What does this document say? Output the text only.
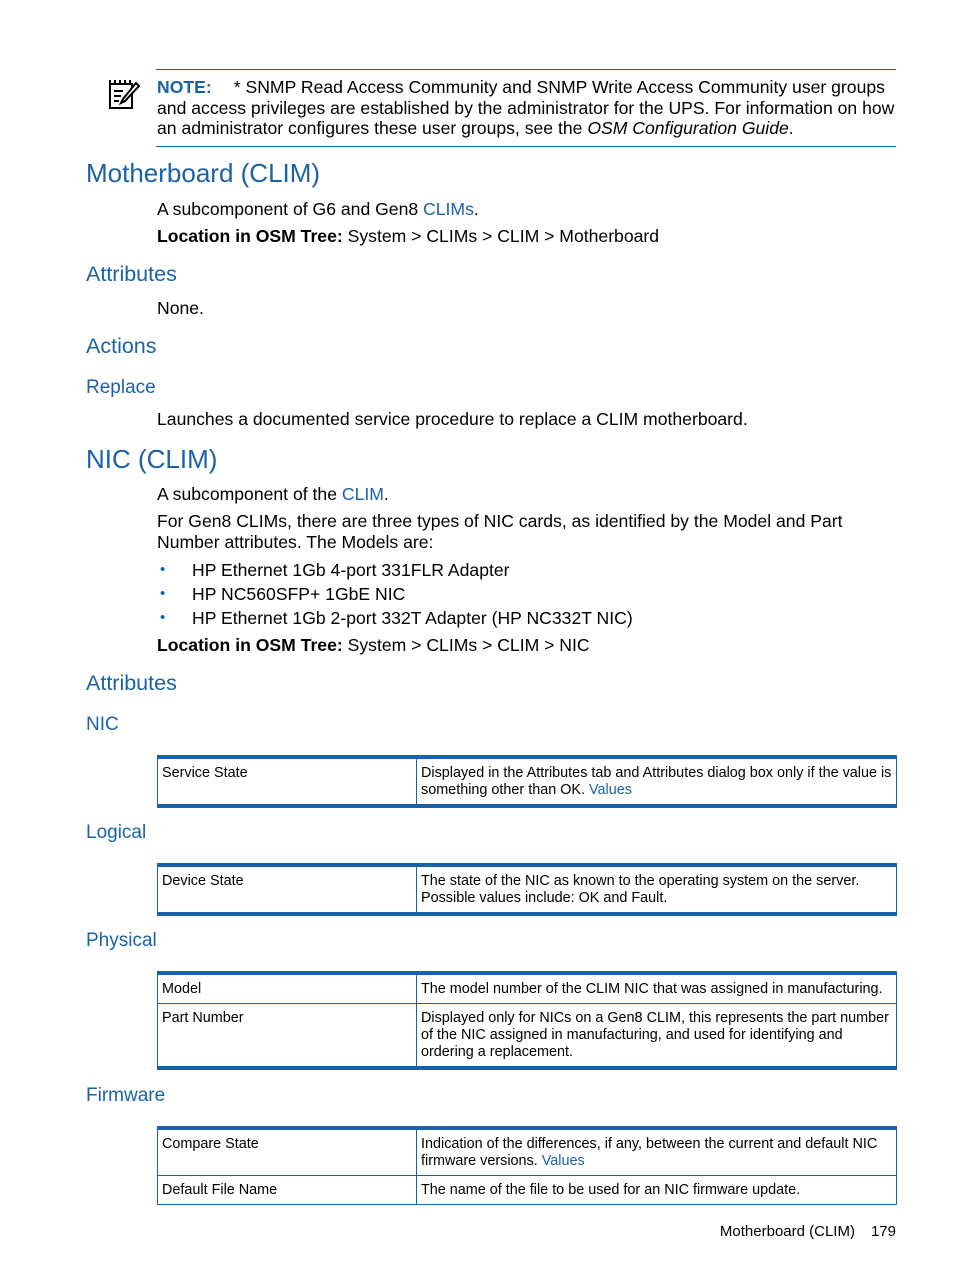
NOTE: * SNMP Read Access Community and SNMP Write Access Community user groups and access privileges are established by the administrator for the UPS. For information on how an administrator configures these user groups, see the OSM Configuration Guide.
Motherboard (CLIM)
A subcomponent of G6 and Gen8 CLIMs.
Location in OSM Tree: System > CLIMs > CLIM > Motherboard
Attributes
None.
Actions
Replace
Launches a documented service procedure to replace a CLIM motherboard.
NIC (CLIM)
A subcomponent of the CLIM.
For Gen8 CLIMs, there are three types of NIC cards, as identified by the Model and Part Number attributes. The Models are:
• HP Ethernet 1Gb 4-port 331FLR Adapter
• HP NC560SFP+ 1GbE NIC
• HP Ethernet 1Gb 2-port 332T Adapter (HP NC332T NIC)
Location in OSM Tree: System > CLIMs > CLIM > NIC
Attributes
NIC
Service State	Displayed in the Attributes tab and Attributes dialog box only if the value is something other than OK. Values
Logical
Device State	The state of the NIC as known to the operating system on the server. Possible values include: OK and Fault.
Physical
Model	The model number of the CLIM NIC that was assigned in manufacturing.
Part Number	Displayed only for NICs on a Gen8 CLIM, this represents the part number of the NIC assigned in manufacturing, and used for identifying and ordering a replacement.
Firmware
Compare State	Indication of the differences, if any, between the current and default NIC firmware versions. Values
Default File Name	The name of the file to be used for an NIC firmware update.
Motherboard (CLIM) 179
